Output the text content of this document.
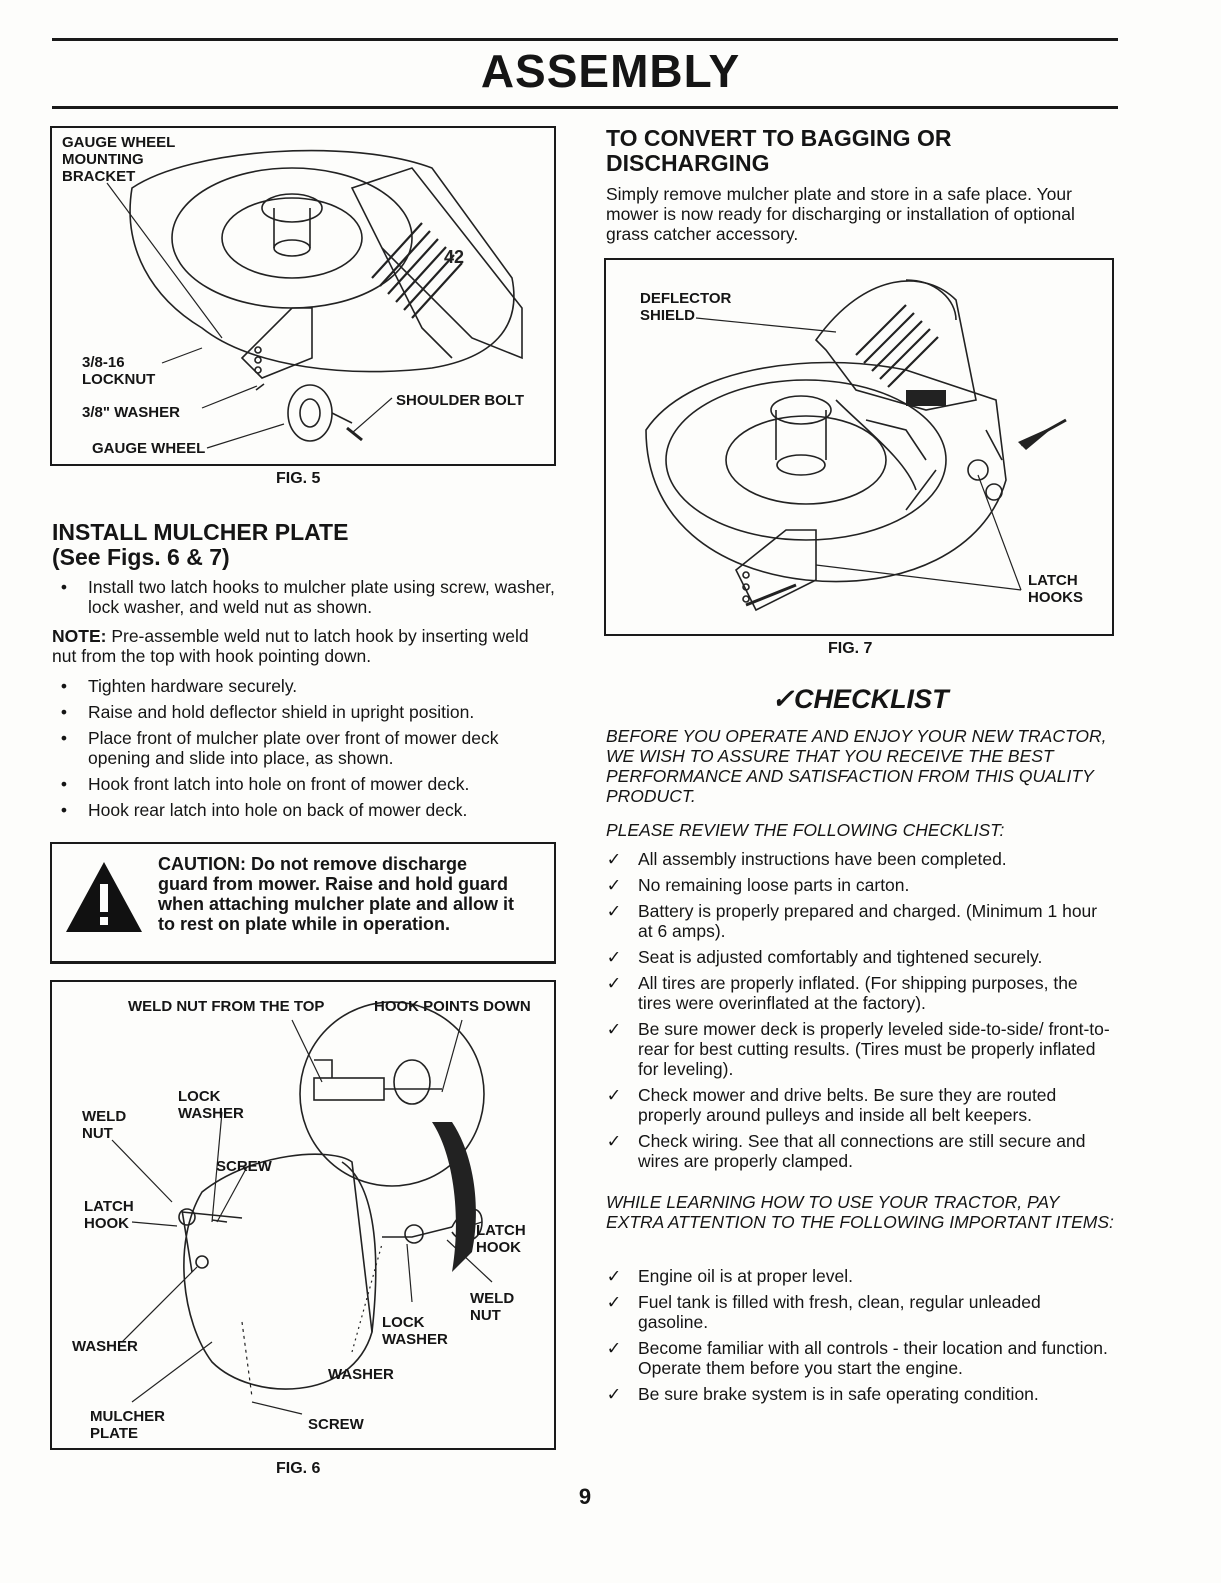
ASSEMBLY
42
GAUGE WHEEL
MOUNTING
BRACKET
3/8-16
LOCKNUT
3/8" WASHER
GAUGE WHEEL
SHOULDER BOLT
FIG. 5
INSTALL MULCHER PLATE
(See Figs. 6 & 7)
•	Install two latch hooks to mulcher plate using screw, washer, lock washer, and weld nut as shown.
NOTE: Pre-assemble weld nut to latch hook by inserting weld nut from the top with hook pointing down.
•	Tighten hardware securely.
•	Raise and hold deflector shield in upright position.
•	Place front of mulcher plate over front of mower deck opening and slide into place, as shown.
•	Hook front latch into hole on front of mower deck.
•	Hook rear latch into hole on back of mower deck.
CAUTION: Do not remove discharge guard from mower. Raise and hold guard when attaching mulcher plate and allow it to rest on plate while in operation.
WELD NUT FROM THE TOP	HOOK POINTS DOWN
LOCK
WASHER
WELD
NUT
SCREW
LATCH
HOOK	LATCH
HOOK
WELD
NUT
LOCK
WASHER
WASHER
WASHER
MULCHER
PLATE
SCREW
FIG. 6
TO CONVERT TO BAGGING OR
DISCHARGING
Simply remove mulcher plate and store in a safe place. Your mower is now ready for discharging or installation of optional grass catcher accessory.
DEFLECTOR
SHIELD
LATCH
HOOKS
FIG. 7
✓CHECKLIST
BEFORE YOU OPERATE AND ENJOY YOUR NEW TRACTOR, WE WISH TO ASSURE THAT YOU RECEIVE THE BEST PERFORMANCE AND SATISFACTION FROM THIS QUALITY PRODUCT.
PLEASE REVIEW THE FOLLOWING CHECKLIST:
✓ All assembly instructions have been completed.
✓ No remaining loose parts in carton.
✓ Battery is properly prepared and charged. (Minimum 1 hour at 6 amps).
✓ Seat is adjusted comfortably and tightened securely.
✓ All tires are properly inflated. (For shipping purposes, the tires were overinflated at the factory).
✓ Be sure mower deck is properly leveled side-to-side/ front-to-rear for best cutting results. (Tires must be properly inflated for leveling).
✓ Check mower and drive belts. Be sure they are routed properly around pulleys and inside all belt keepers.
✓ Check wiring. See that all connections are still secure and wires are properly clamped.
WHILE LEARNING HOW TO USE YOUR TRACTOR, PAY EXTRA ATTENTION TO THE FOLLOWING IMPORTANT ITEMS:
✓ Engine oil is at proper level.
✓ Fuel tank is filled with fresh, clean, regular unleaded gasoline.
✓ Become familiar with all controls - their location and function. Operate them before you start the engine.
✓ Be sure brake system is in safe operating condition.
9
